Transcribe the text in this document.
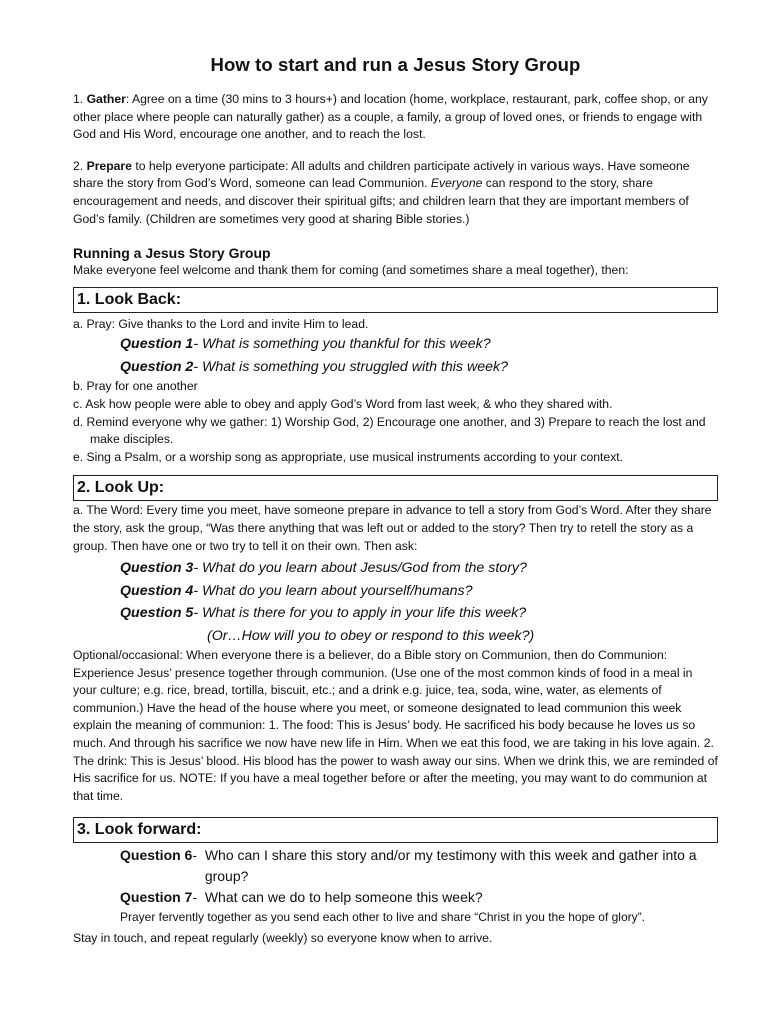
How to start and run a Jesus Story Group

1. Gather: Agree on a time (30 mins to 3 hours+) and location (home, workplace, restaurant, park, coffee shop, or any other place where people can naturally gather) as a couple, a family, a group of loved ones, or friends to engage with God and His Word, encourage one another, and to reach the lost.

2. Prepare to help everyone participate: All adults and children participate actively in various ways. Have someone share the story from God’s Word, someone can lead Communion. Everyone can respond to the story, share encouragement and needs, and discover their spiritual gifts; and children learn that they are important members of God’s family. (Children are sometimes very good at sharing Bible stories.)

Running a Jesus Story Group

Make everyone feel welcome and thank them for coming (and sometimes share a meal together), then:

1. Look Back:

a. Pray: Give thanks to the Lord and invite Him to lead.

Question 1- What is something you thankful for this week?

Question 2- What is something you struggled with this week?

b. Pray for one another

c. Ask how people were able to obey and apply God’s Word from last week, & who they shared with.

d. Remind everyone why we gather: 1) Worship God, 2) Encourage one another, and 3) Prepare to reach the lost and make disciples.

e. Sing a Psalm, or a worship song as appropriate, use musical instruments according to your context.

2. Look Up:

a. The Word: Every time you meet, have someone prepare in advance to tell a story from God’s Word. After they share the story, ask the group, “Was there anything that was left out or added to the story? Then try to retell the story as a group. Then have one or two try to tell it on their own. Then ask:

Question 3- What do you learn about Jesus/God from the story?

Question 4- What do you learn about yourself/humans?

Question 5- What is there for you to apply in your life this week?

(Or…How will you to obey or respond to this week?)

Optional/occasional: When everyone there is a believer, do a Bible story on Communion, then do Communion: Experience Jesus’ presence together through communion. (Use one of the most common kinds of food in a meal in your culture; e.g. rice, bread, tortilla, biscuit, etc.; and a drink e.g. juice, tea, soda, wine, water, as elements of communion.) Have the head of the house where you meet, or someone designated to lead communion this week explain the meaning of communion: 1. The food: This is Jesus’ body. He sacrificed his body because he loves us so much. And through his sacrifice we now have new life in Him. When we eat this food, we are taking in his love again. 2. The drink: This is Jesus’ blood. His blood has the power to wash away our sins. When we drink this, we are reminded of His sacrifice for us. NOTE: If you have a meal together before or after the meeting, you may want to do communion at that time.

3. Look forward:
Question 6 - Who can I share this story and/or my testimony with this week and gather into a group?
Question 7 - What can we do to help someone this week?

Prayer fervently together as you send each other to live and share “Christ in you the hope of glory”.

Stay in touch, and repeat regularly (weekly) so everyone know when to arrive.
